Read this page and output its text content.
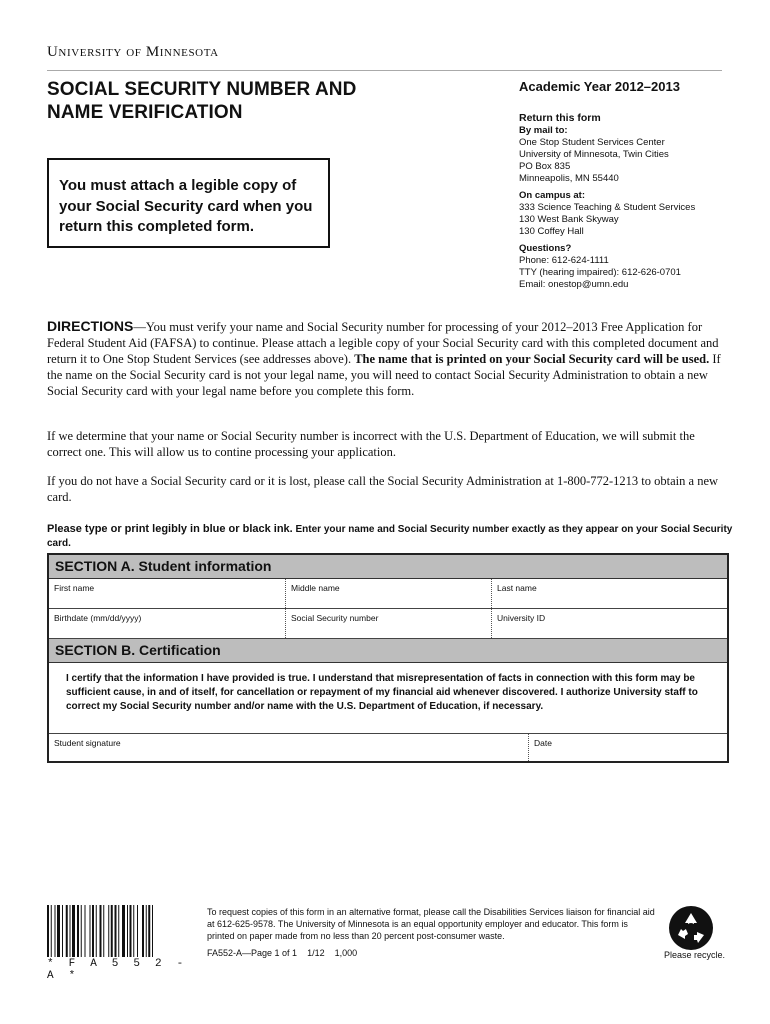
University of Minnesota
SOCIAL SECURITY NUMBER AND
NAME VERIFICATION
Academic Year 2012–2013
Return this form
By mail to:
One Stop Student Services Center
University of Minnesota, Twin Cities
PO Box 835
Minneapolis, MN 55440
On campus at:
333 Science Teaching & Student Services
130 West Bank Skyway
130 Coffey Hall
Questions?
Phone: 612-624-1111
TTY (hearing impaired): 612-626-0701
Email: onestop@umn.edu
You must attach a legible copy of your Social Security card when you return this completed form.
DIRECTIONS—You must verify your name and Social Security number for processing of your 2012–2013 Free Application for Federal Student Aid (FAFSA) to continue. Please attach a legible copy of your Social Security card with this completed document and return it to One Stop Student Services (see addresses above). The name that is printed on your Social Security card will be used. If the name on the Social Security card is not your legal name, you will need to contact Social Security Administration to obtain a new Social Security card with your legal name before you complete this form.
If we determine that your name or Social Security number is incorrect with the U.S. Department of Education, we will submit the correct one. This will allow us to contine processing your application.
If you do not have a Social Security card or it is lost, please call the Social Security Administration at 1-800-772-1213 to obtain a new card.
Please type or print legibly in blue or black ink. Enter your name and Social Security number exactly as they appear on your Social Security card.
SECTION A. Student information
First name	Middle name	Last name
Birthdate (mm/dd/yyyy)	Social Security number	University ID
SECTION B. Certification
I certify that the information I have provided is true. I understand that misrepresentation of facts in connection with this form may be sufficient cause, in and of itself, for cancellation or repayment of my financial aid whenever discovered. I authorize University staff to correct my Social Security number and/or name with the U.S. Department of Education, if necessary.
Student signature	Date
* F A 5 5 2 - A *
To request copies of this form in an alternative format, please call the Disabilities Services liaison for financial aid at 612-625-9578. The University of Minnesota is an equal opportunity employer and educator. This form is printed on paper made from no less than 20 percent post-consumer waste.
FA552-A—Page 1 of 1 1/12 1,000	Please recycle.
